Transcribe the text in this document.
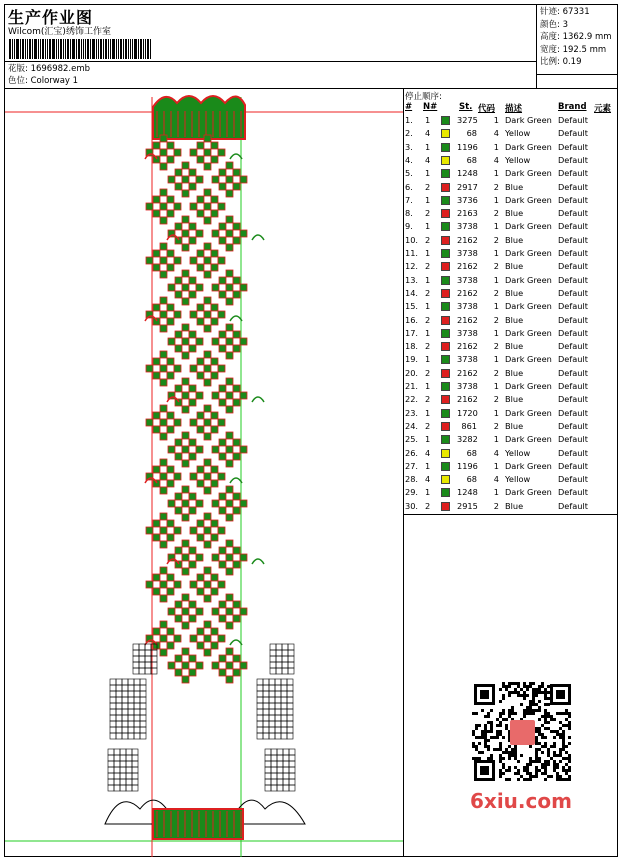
生产作业图
Wilcom(汇宝)绣饰工作室
针迹: 67331
颜色: 3
高度: 1362.9 mm
宽度: 192.5 mm
比例: 0.19
花版: 1696982.emb
色位: Colorway 1
停止顺序:
# N#	St. 代码 描述	Brand 元素
1. 1	3275	1 Dark Green Default
2. 4	68	4 Yellow	Default
3. 1	1196	1 Dark Green Default
4. 4	68	4 Yellow	Default
5. 1	1248	1 Dark Green Default
6. 2	2917	2 Blue	Default
7. 1	3736	1 Dark Green Default
8. 2	2163	2 Blue	Default
9. 1	3738	1 Dark Green Default
10. 2	2162	2 Blue	Default
11. 1	3738	1 Dark Green Default
12. 2	2162	2 Blue	Default
13. 1	3738	1 Dark Green Default
14. 2	2162	2 Blue	Default
15. 1	3738	1 Dark Green Default
16. 2	2162	2 Blue	Default
17. 1	3738	1 Dark Green Default
18. 2	2162	2 Blue	Default
19. 1	3738	1 Dark Green Default
20. 2	2162	2 Blue	Default
21. 1	3738	1 Dark Green Default
22. 2	2162	2 Blue	Default
23. 1	1720	1 Dark Green Default
24. 2	861	2 Blue	Default
25. 1	3282	1 Dark Green Default
26. 4	68	4 Yellow	Default
27. 1	1196	1 Dark Green Default
28. 4	68	4 Yellow	Default
29. 1	1248	1 Dark Green Default
30. 2	2915	2 Blue	Default
6xiu.com
